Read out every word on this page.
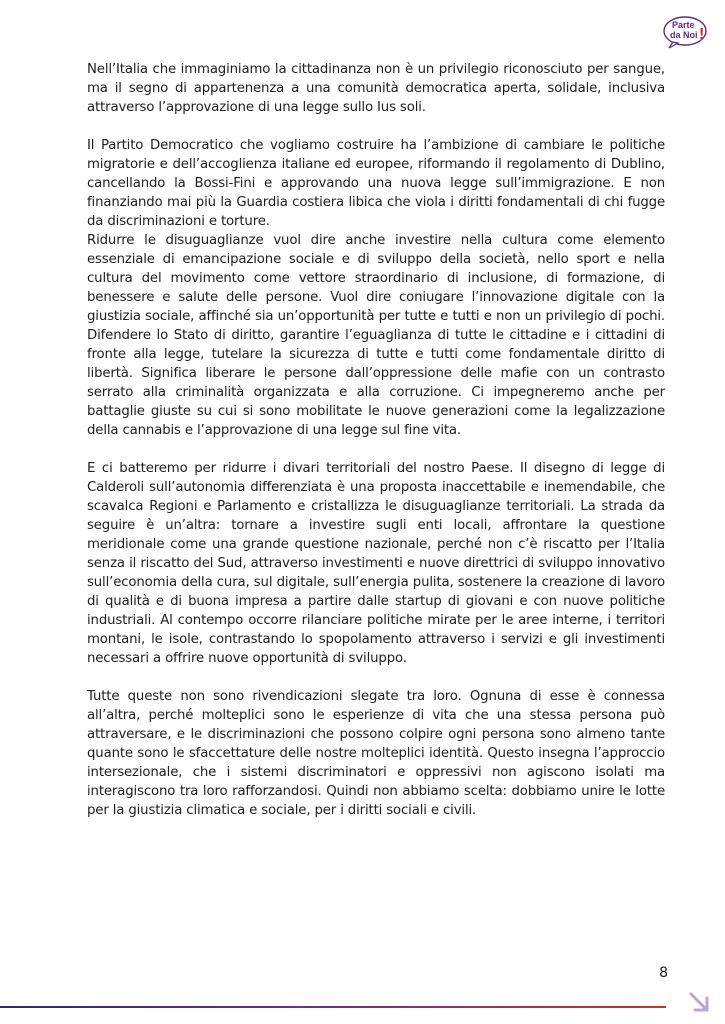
Parte
da Noi !

Nell’Italia che immaginiamo la cittadinanza non è un privilegio riconosciuto per sangue, ma il segno di appartenenza a una comunità democratica aperta, solidale, inclusiva attraverso l’approvazione di una legge sullo Ius soli.

Il Partito Democratico che vogliamo costruire ha l’ambizione di cambiare le politiche migratorie e dell’accoglienza italiane ed europee, riformando il regolamento di Dublino, cancellando la Bossi-Fini e approvando una nuova legge sull’immigrazione. E non finanziando mai più la Guardia costiera libica che viola i diritti fondamentali di chi fugge da discriminazioni e torture.

Ridurre le disuguaglianze vuol dire anche investire nella cultura come elemento essenziale di emancipazione sociale e di sviluppo della società, nello sport e nella cultura del movimento come vettore straordinario di inclusione, di formazione, di benessere e salute delle persone. Vuol dire coniugare l’innovazione digitale con la giustizia sociale, affinché sia un’opportunità per tutte e tutti e non un privilegio di pochi. Difendere lo Stato di diritto, garantire l’eguaglianza di tutte le cittadine e i cittadini di fronte alla legge, tutelare la sicurezza di tutte e tutti come fondamentale diritto di libertà. Significa liberare le persone dall’oppressione delle mafie con un contrasto serrato alla criminalità organizzata e alla corruzione. Ci impegneremo anche per battaglie giuste su cui si sono mobilitate le nuove generazioni come la legalizzazione della cannabis e l’approvazione di una legge sul fine vita.

E ci batteremo per ridurre i divari territoriali del nostro Paese. Il disegno di legge di Calderoli sull’autonomia differenziata è una proposta inaccettabile e inemendabile, che scavalca Regioni e Parlamento e cristallizza le disuguaglianze territoriali. La strada da seguire è un’altra: tornare a investire sugli enti locali, affrontare la questione meridionale come una grande questione nazionale, perché non c’è riscatto per l’Italia senza il riscatto del Sud, attraverso investimenti e nuove direttrici di sviluppo innovativo sull’economia della cura, sul digitale, sull’energia pulita, sostenere la creazione di lavoro di qualità e di buona impresa a partire dalle startup di giovani e con nuove politiche industriali. Al contempo occorre rilanciare politiche mirate per le aree interne, i territori montani, le isole, contrastando lo spopolamento attraverso i servizi e gli investimenti necessari a offrire nuove opportunità di sviluppo.

Tutte queste non sono rivendicazioni slegate tra loro. Ognuna di esse è connessa all’altra, perché molteplici sono le esperienze di vita che una stessa persona può attraversare, e le discriminazioni che possono colpire ogni persona sono almeno tante quante sono le sfaccettature delle nostre molteplici identità. Questo insegna l’approccio intersezionale, che i sistemi discriminatori e oppressivi non agiscono isolati ma interagiscono tra loro rafforzandosi. Quindi non abbiamo scelta: dobbiamo unire le lotte per la giustizia climatica e sociale, per i diritti sociali e civili.

8
